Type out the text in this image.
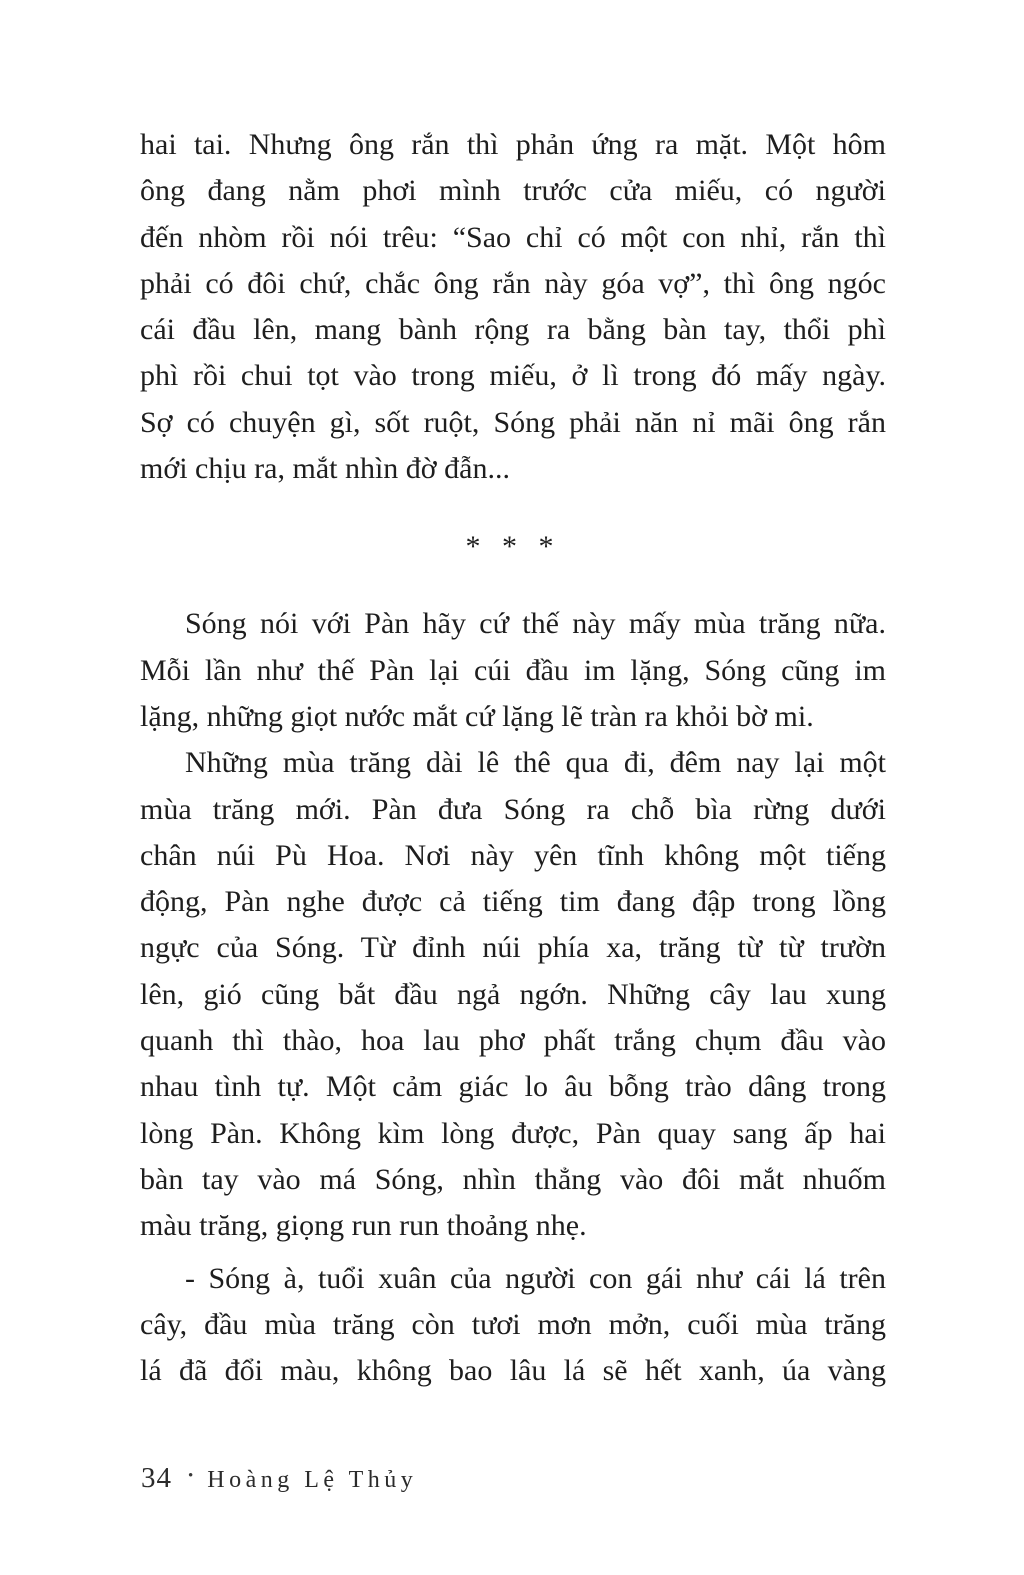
hai tai. Nhưng ông rắn thì phản ứng ra mặt. Một hôm
ông đang nằm phơi mình trước cửa miếu, có người
đến nhòm rồi nói trêu: “Sao chỉ có một con nhỉ, rắn thì
phải có đôi chứ, chắc ông rắn này góa vợ”, thì ông ngóc
cái đầu lên, mang bành rộng ra bằng bàn tay, thổi phì
phì rồi chui tọt vào trong miếu, ở lì trong đó mấy ngày.
Sợ có chuyện gì, sốt ruột, Sóng phải năn nỉ mãi ông rắn
mới chịu ra, mắt nhìn đờ đẫn...
* * *
Sóng nói với Pàn hãy cứ thế này mấy mùa trăng nữa.
Mỗi lần như thế Pàn lại cúi đầu im lặng, Sóng cũng im
lặng, những giọt nước mắt cứ lặng lẽ tràn ra khỏi bờ mi.
Những mùa trăng dài lê thê qua đi, đêm nay lại một
mùa trăng mới. Pàn đưa Sóng ra chỗ bìa rừng dưới
chân núi Pù Hoa. Nơi này yên tĩnh không một tiếng
động, Pàn nghe được cả tiếng tim đang đập trong lồng
ngực của Sóng. Từ đỉnh núi phía xa, trăng từ từ trườn
lên, gió cũng bắt đầu ngả ngớn. Những cây lau xung
quanh thì thào, hoa lau phơ phất trắng chụm đầu vào
nhau tình tự. Một cảm giác lo âu bỗng trào dâng trong
lòng Pàn. Không kìm lòng được, Pàn quay sang ấp hai
bàn tay vào má Sóng, nhìn thẳng vào đôi mắt nhuốm
màu trăng, giọng run run thoảng nhẹ.
- Sóng à, tuổi xuân của người con gái như cái lá trên
cây, đầu mùa trăng còn tươi mơn mởn, cuối mùa trăng
lá đã đổi màu, không bao lâu lá sẽ hết xanh, úa vàng
34 • Hoàng Lệ Thủy
